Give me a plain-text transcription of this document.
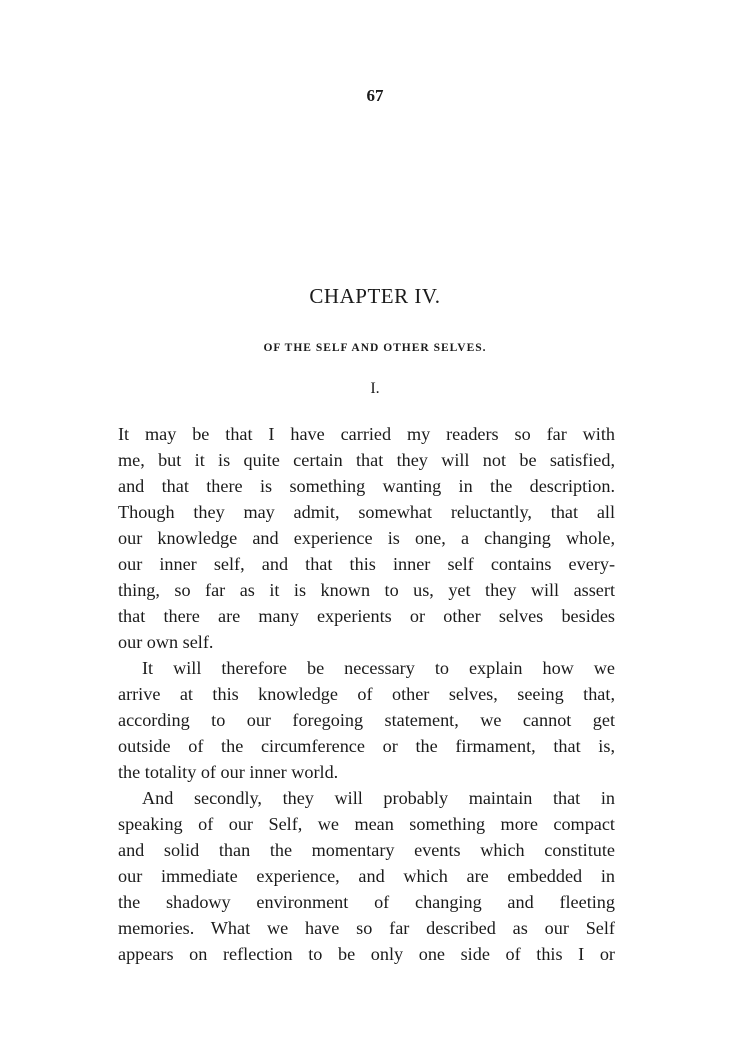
67
CHAPTER IV.
OF THE SELF AND OTHER SELVES.
I.
It may be that I have carried my readers so far with
me, but it is quite certain that they will not be satisfied,
and that there is something wanting in the description.
Though they may admit, somewhat reluctantly, that all
our knowledge and experience is one, a changing whole,
our inner self, and that this inner self contains every-
thing, so far as it is known to us, yet they will assert
that there are many experients or other selves besides
our own self.
It will therefore be necessary to explain how we
arrive at this knowledge of other selves, seeing that,
according to our foregoing statement, we cannot get
outside of the circumference or the firmament, that is,
the totality of our inner world.
And secondly, they will probably maintain that in
speaking of our Self, we mean something more compact
and solid than the momentary events which constitute
our immediate experience, and which are embedded in
the shadowy environment of changing and fleeting
memories. What we have so far described as our Self
appears on reflection to be only one side of this I or
